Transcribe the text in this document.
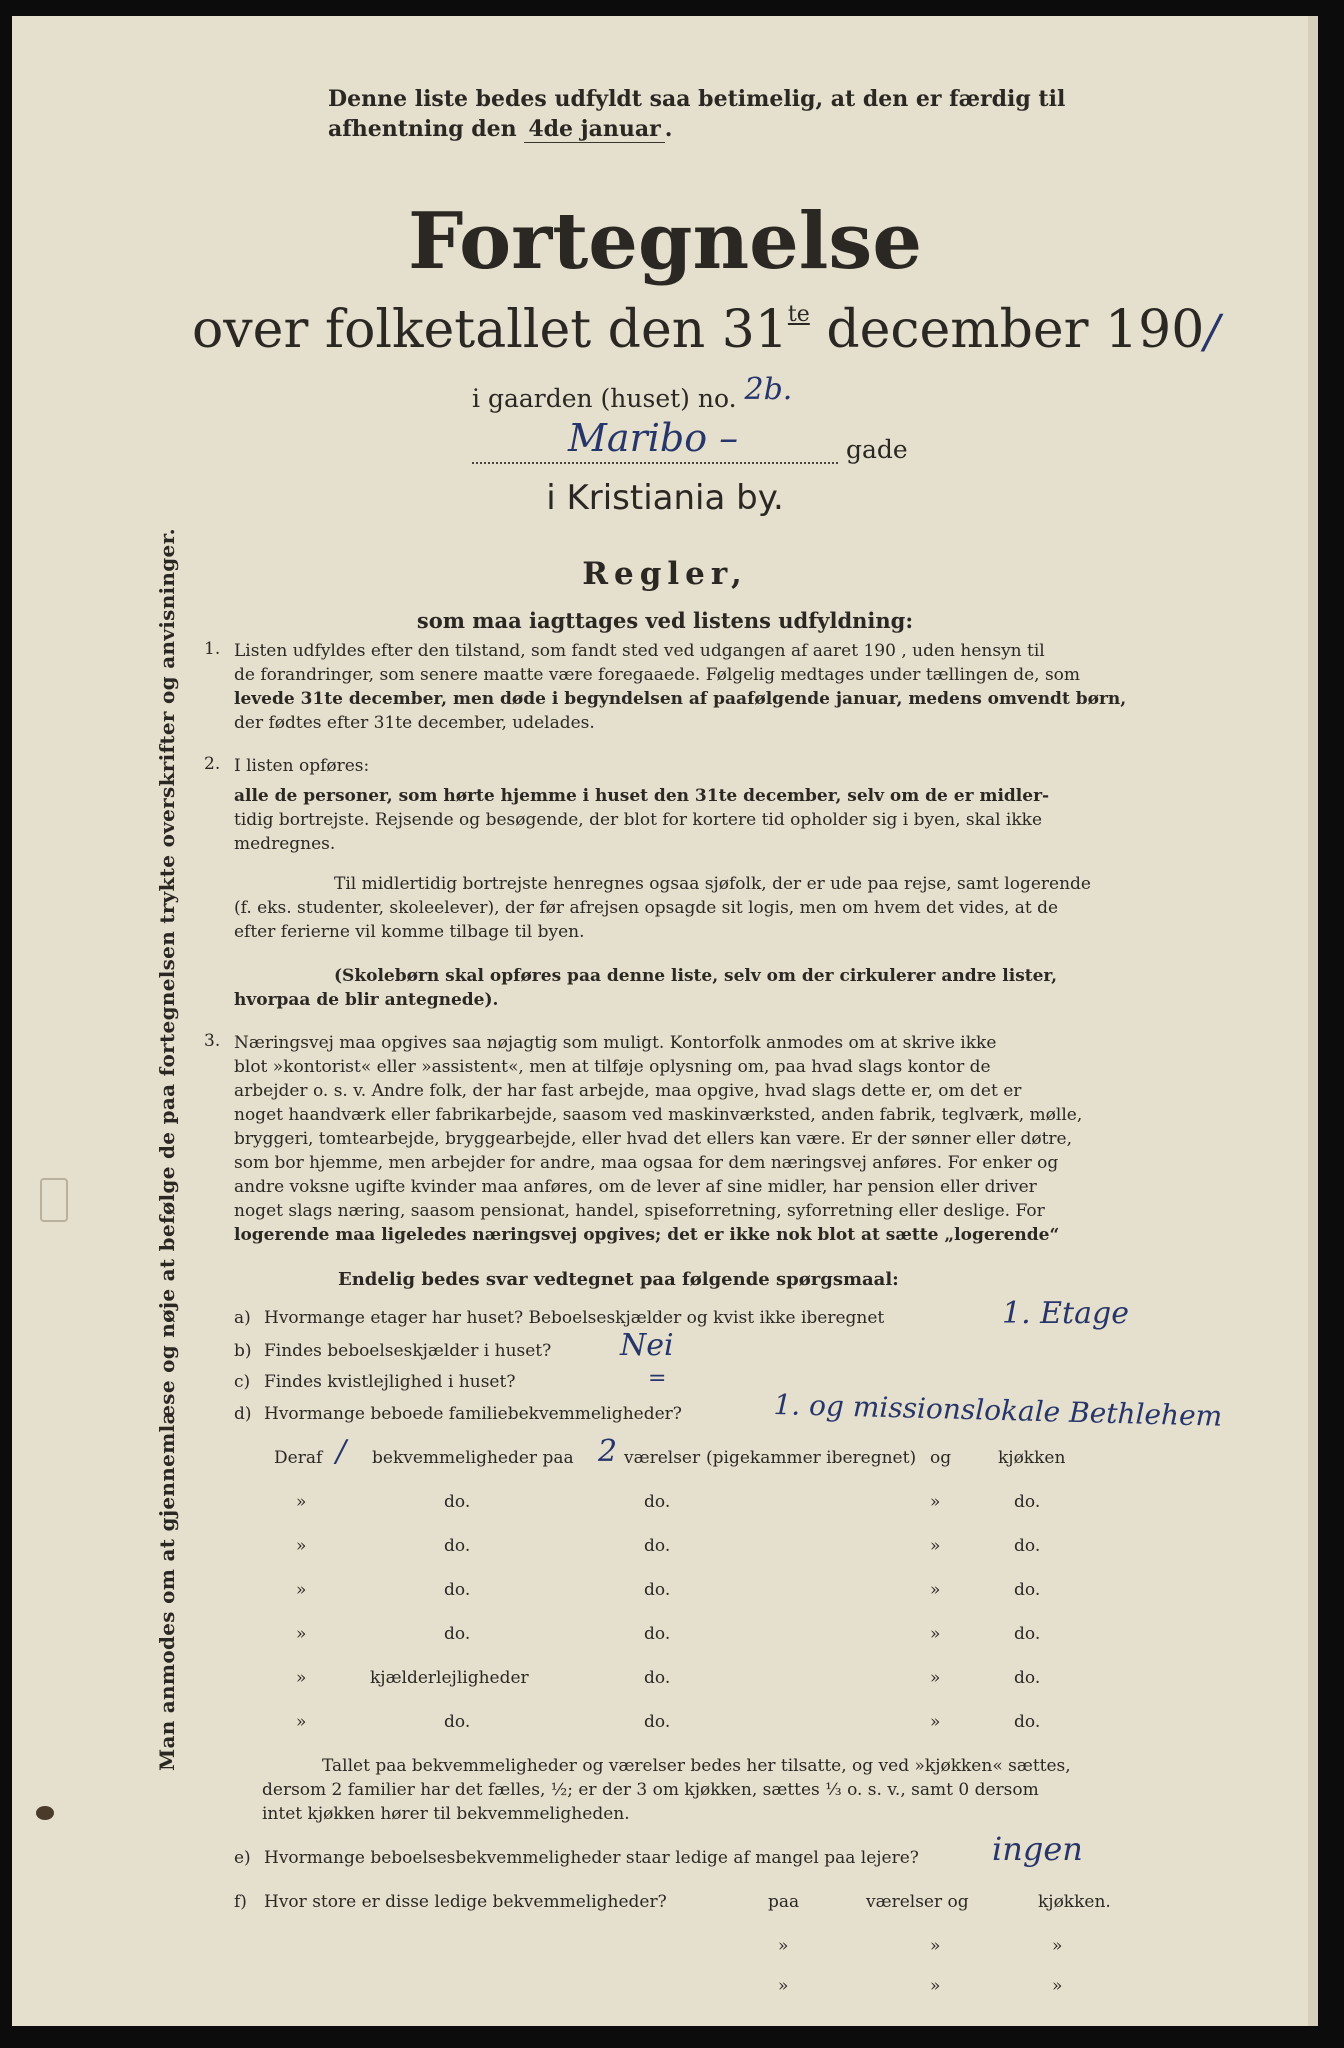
Man anmodes om at gjennemlæse og nøje at befølge de paa fortegnelsen trykte overskrifter og anvisninger.
Denne liste bedes udfyldt saa betimelig, at den er færdig til
afhentning den 4de januar .
Fortegnelse
over folketallet den $31^{te}$ december 190/
i gaarden (huset) no. 2b.
Maribo –	gade
i Kristiania by.
Regler,
som maa iagttages ved listens udfyldning:
1. Listen udfyldes efter den tilstand, som fandt sted ved udgangen af aaret 190 , uden hensyn til
de forandringer, som senere maatte være foregaaede. Følgelig medtages under tællingen de, som
levede 31te december, men døde i begyndelsen af paafølgende januar, medens omvendt børn,
der fødtes efter 31te december, udelades.
2. I listen opføres:
alle de personer, som hørte hjemme i huset den 31te december, selv om de er midler-
tidig bortrejste. Rejsende og besøgende, der blot for kortere tid opholder sig i byen, skal ikke
medregnes.
Til midlertidig bortrejste henregnes ogsaa sjøfolk, der er ude paa rejse, samt logerende
(f. eks. studenter, skoleelever), der før afrejsen opsagde sit logis, men om hvem det vides, at de
efter ferierne vil komme tilbage til byen.
(Skolebørn skal opføres paa denne liste, selv om der cirkulerer andre lister,
hvorpaa de blir antegnede).
3. Næringsvej maa opgives saa nøjagtig som muligt. Kontorfolk anmodes om at skrive ikke
blot »kontorist« eller »assistent«, men at tilføje oplysning om, paa hvad slags kontor de
arbejder o. s. v. Andre folk, der har fast arbejde, maa opgive, hvad slags dette er, om det er
noget haandværk eller fabrikarbejde, saasom ved maskinværksted, anden fabrik, teglværk, mølle,
bryggeri, tomtearbejde, bryggearbejde, eller hvad det ellers kan være. Er der sønner eller døtre,
som bor hjemme, men arbejder for andre, maa ogsaa for dem næringsvej anføres. For enker og
andre voksne ugifte kvinder maa anføres, om de lever af sine midler, har pension eller driver
noget slags næring, saasom pensionat, handel, spiseforretning, syforretning eller deslige. For
logerende maa ligeledes næringsvej opgives; det er ikke nok blot at sætte „logerende“
Endelig bedes svar vedtegnet paa følgende spørgsmaal:
a) Hvormange etager har huset? Beboelseskjælder og kvist ikke iberegnet	1. Etage
b) Findes beboelseskjælder i huset? Nei
c) Findes kvistlejlighed i huset?	=
d) Hvormange beboede familiebekvemmeligheder?	1. og missionslokale Bethlehem
Deraf / bekvemmeligheder paa 2 værelser (pigekammer iberegnet) og	kjøkken
»	do.	do.	»	do.
»	do.	do.	»	do.
»	do.	do.	»	do.
»	do.	do.	»	do.
»	kjælderlejligheder	do.	»	do.
»	do.	do.	»	do.
Tallet paa bekvemmeligheder og værelser bedes her tilsatte, og ved »kjøkken« sættes,
dersom 2 familier har det fælles, ½; er der 3 om kjøkken, sættes ⅓ o. s. v., samt 0 dersom
intet kjøkken hører til bekvemmeligheden.
e) Hvormange beboelsesbekvemmeligheder staar ledige af mangel paa lejere? ingen
f) Hvor store er disse ledige bekvemmeligheder?	paa	værelser og	kjøkken.
»	»	»
»	»	»
